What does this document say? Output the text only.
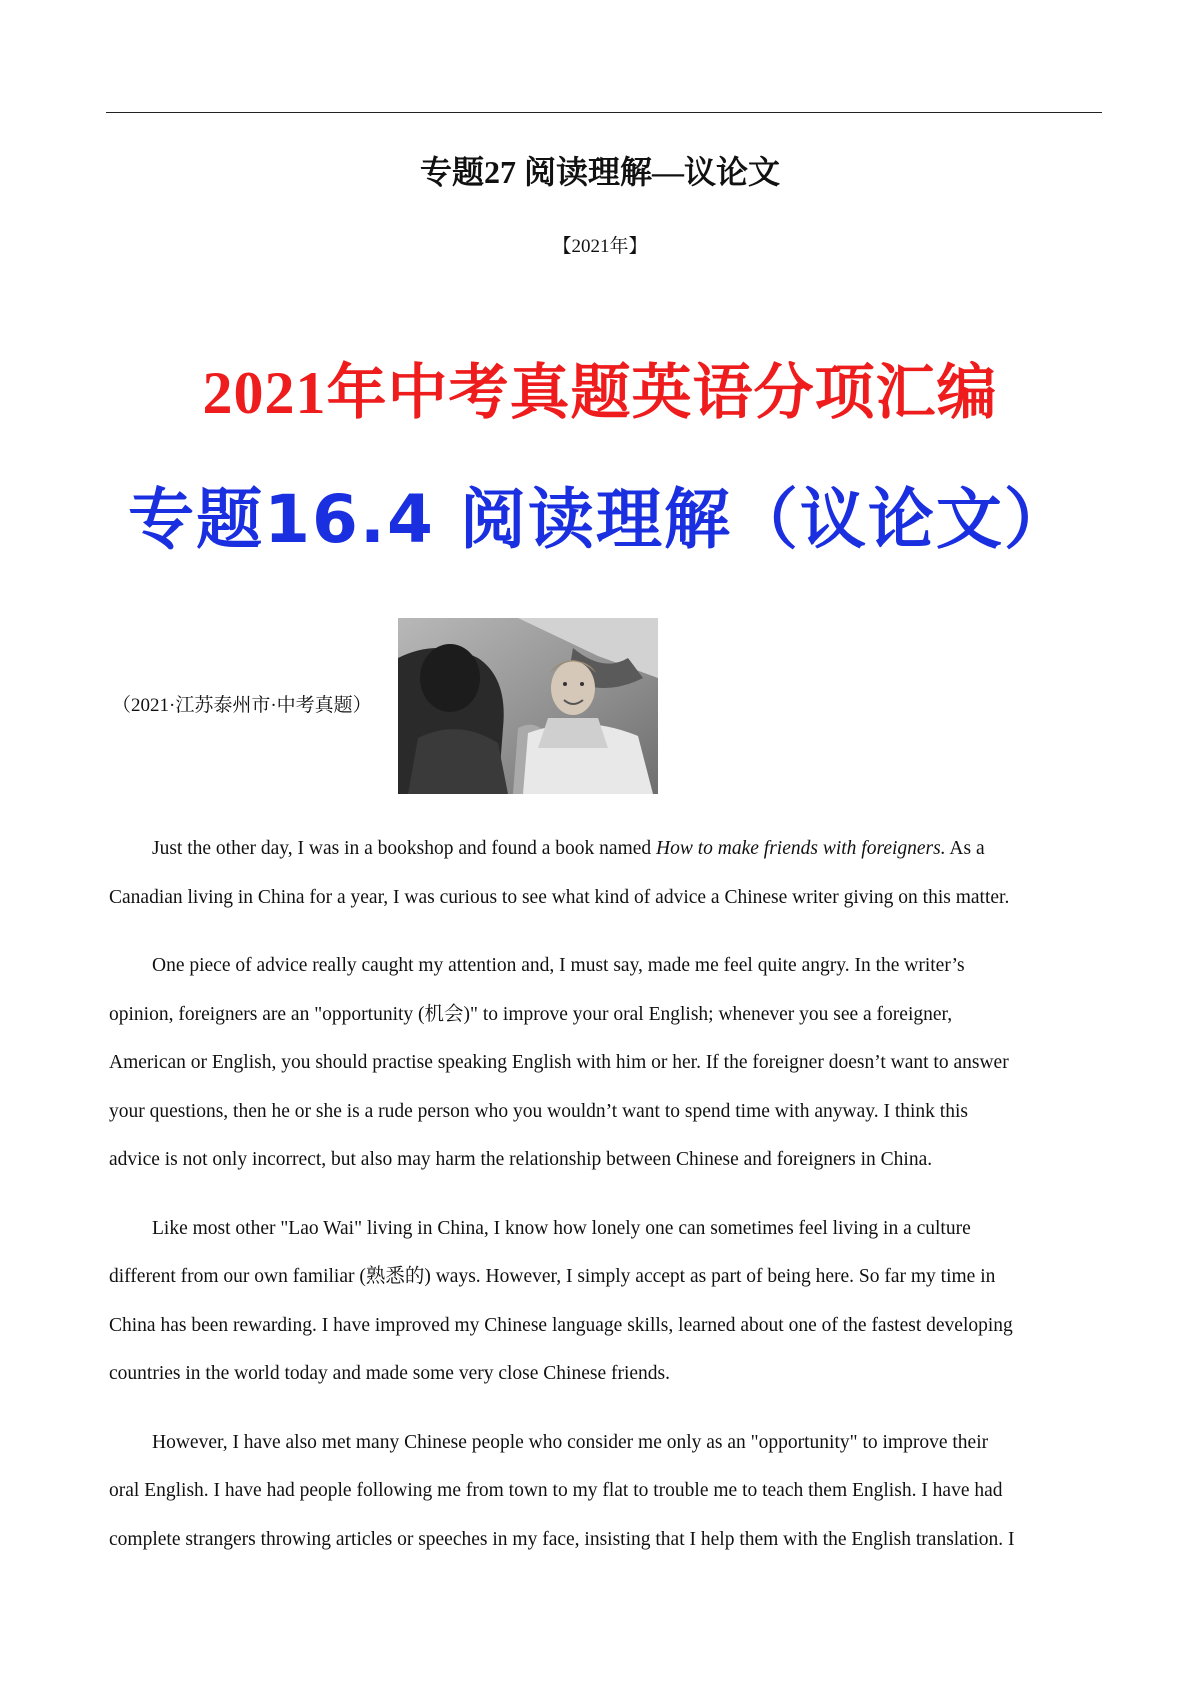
专题27 阅读理解—议论文
【2021年】
2021年中考真题英语分项汇编
专题16.4 阅读理解（议论文）
（2021·江苏泰州市·中考真题）

Just the other day, I was in a bookshop and found a book named How to make friends with foreigners. As a
Canadian living in China for a year, I was curious to see what kind of advice a Chinese writer giving on this matter.

One piece of advice really caught my attention and, I must say, made me feel quite angry. In the writer’s
opinion, foreigners are an "opportunity (机会)" to improve your oral English; whenever you see a foreigner,
American or English, you should practise speaking English with him or her. If the foreigner doesn’t want to answer
your questions, then he or she is a rude person who you wouldn’t want to spend time with anyway. I think this
advice is not only incorrect, but also may harm the relationship between Chinese and foreigners in China.

Like most other "Lao Wai" living in China, I know how lonely one can sometimes feel living in a culture
different from our own familiar (熟悉的) ways. However, I simply accept as part of being here. So far my time in
China has been rewarding. I have improved my Chinese language skills, learned about one of the fastest developing
countries in the world today and made some very close Chinese friends.

However, I have also met many Chinese people who consider me only as an "opportunity" to improve their
oral English. I have had people following me from town to my flat to trouble me to teach them English. I have had
complete strangers throwing articles or speeches in my face, insisting that I help them with the English translation. I
